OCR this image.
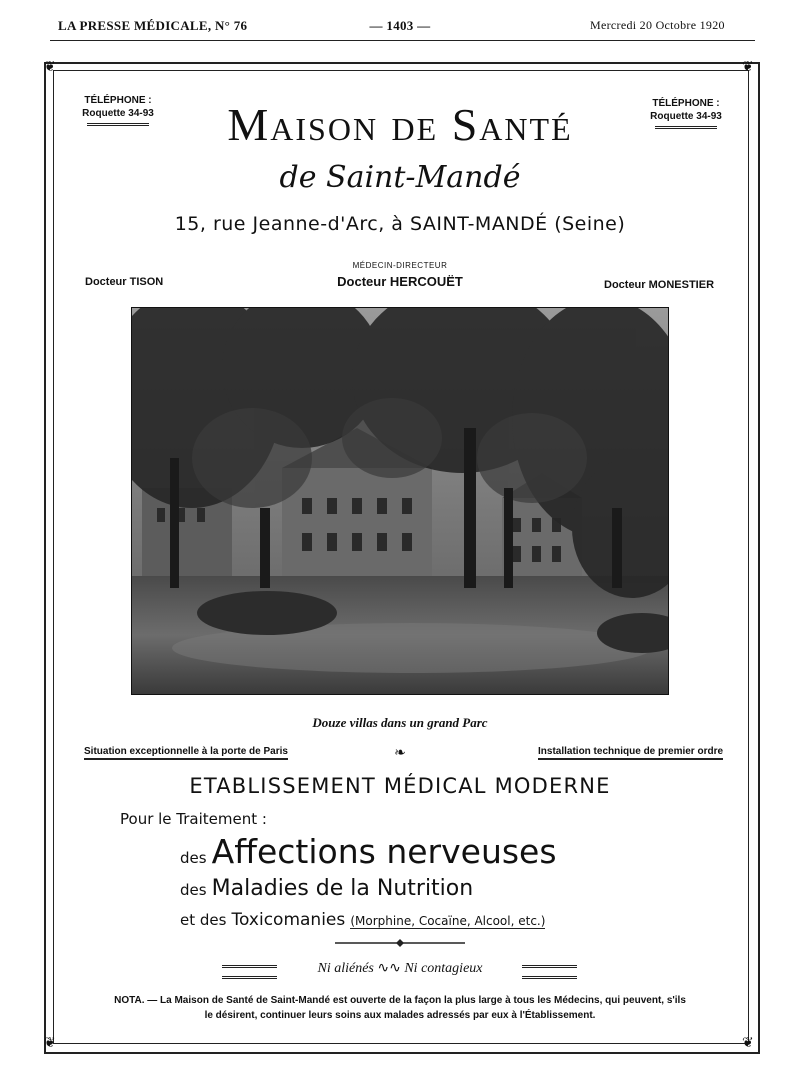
LA PRESSE MÉDICALE, N° 76	— 1403 —	Mercredi 20 Octobre 1920
❦	❦
❦	❦
TÉLÉPHONE :
Roquette 34-93
TÉLÉPHONE :
Roquette 34-93
Maison de Santé
de Saint-Mandé
15, rue Jeanne-d'Arc, à SAINT-MANDÉ (Seine)
Docteur TISON
MÉDECIN-DIRECTEUR
Docteur HERCOUËT	Docteur MONESTIER
Douze villas dans un grand Parc
Situation exceptionnelle à la porte de Paris	❧	Installation technique de premier ordre
ETABLISSEMENT MÉDICAL MODERNE
Pour le Traitement :
des Affections nerveuses
des Maladies de la Nutrition
et des Toxicomanies (Morphine, Cocaïne, Alcool, etc.)
Ni aliénés ∿∿ Ni contagieux
NOTA. — La Maison de Santé de Saint-Mandé est ouverte de la façon la plus large à tous les Médecins, qui peuvent, s'ils
le désirent, continuer leurs soins aux malades adressés par eux à l'Établissement.
